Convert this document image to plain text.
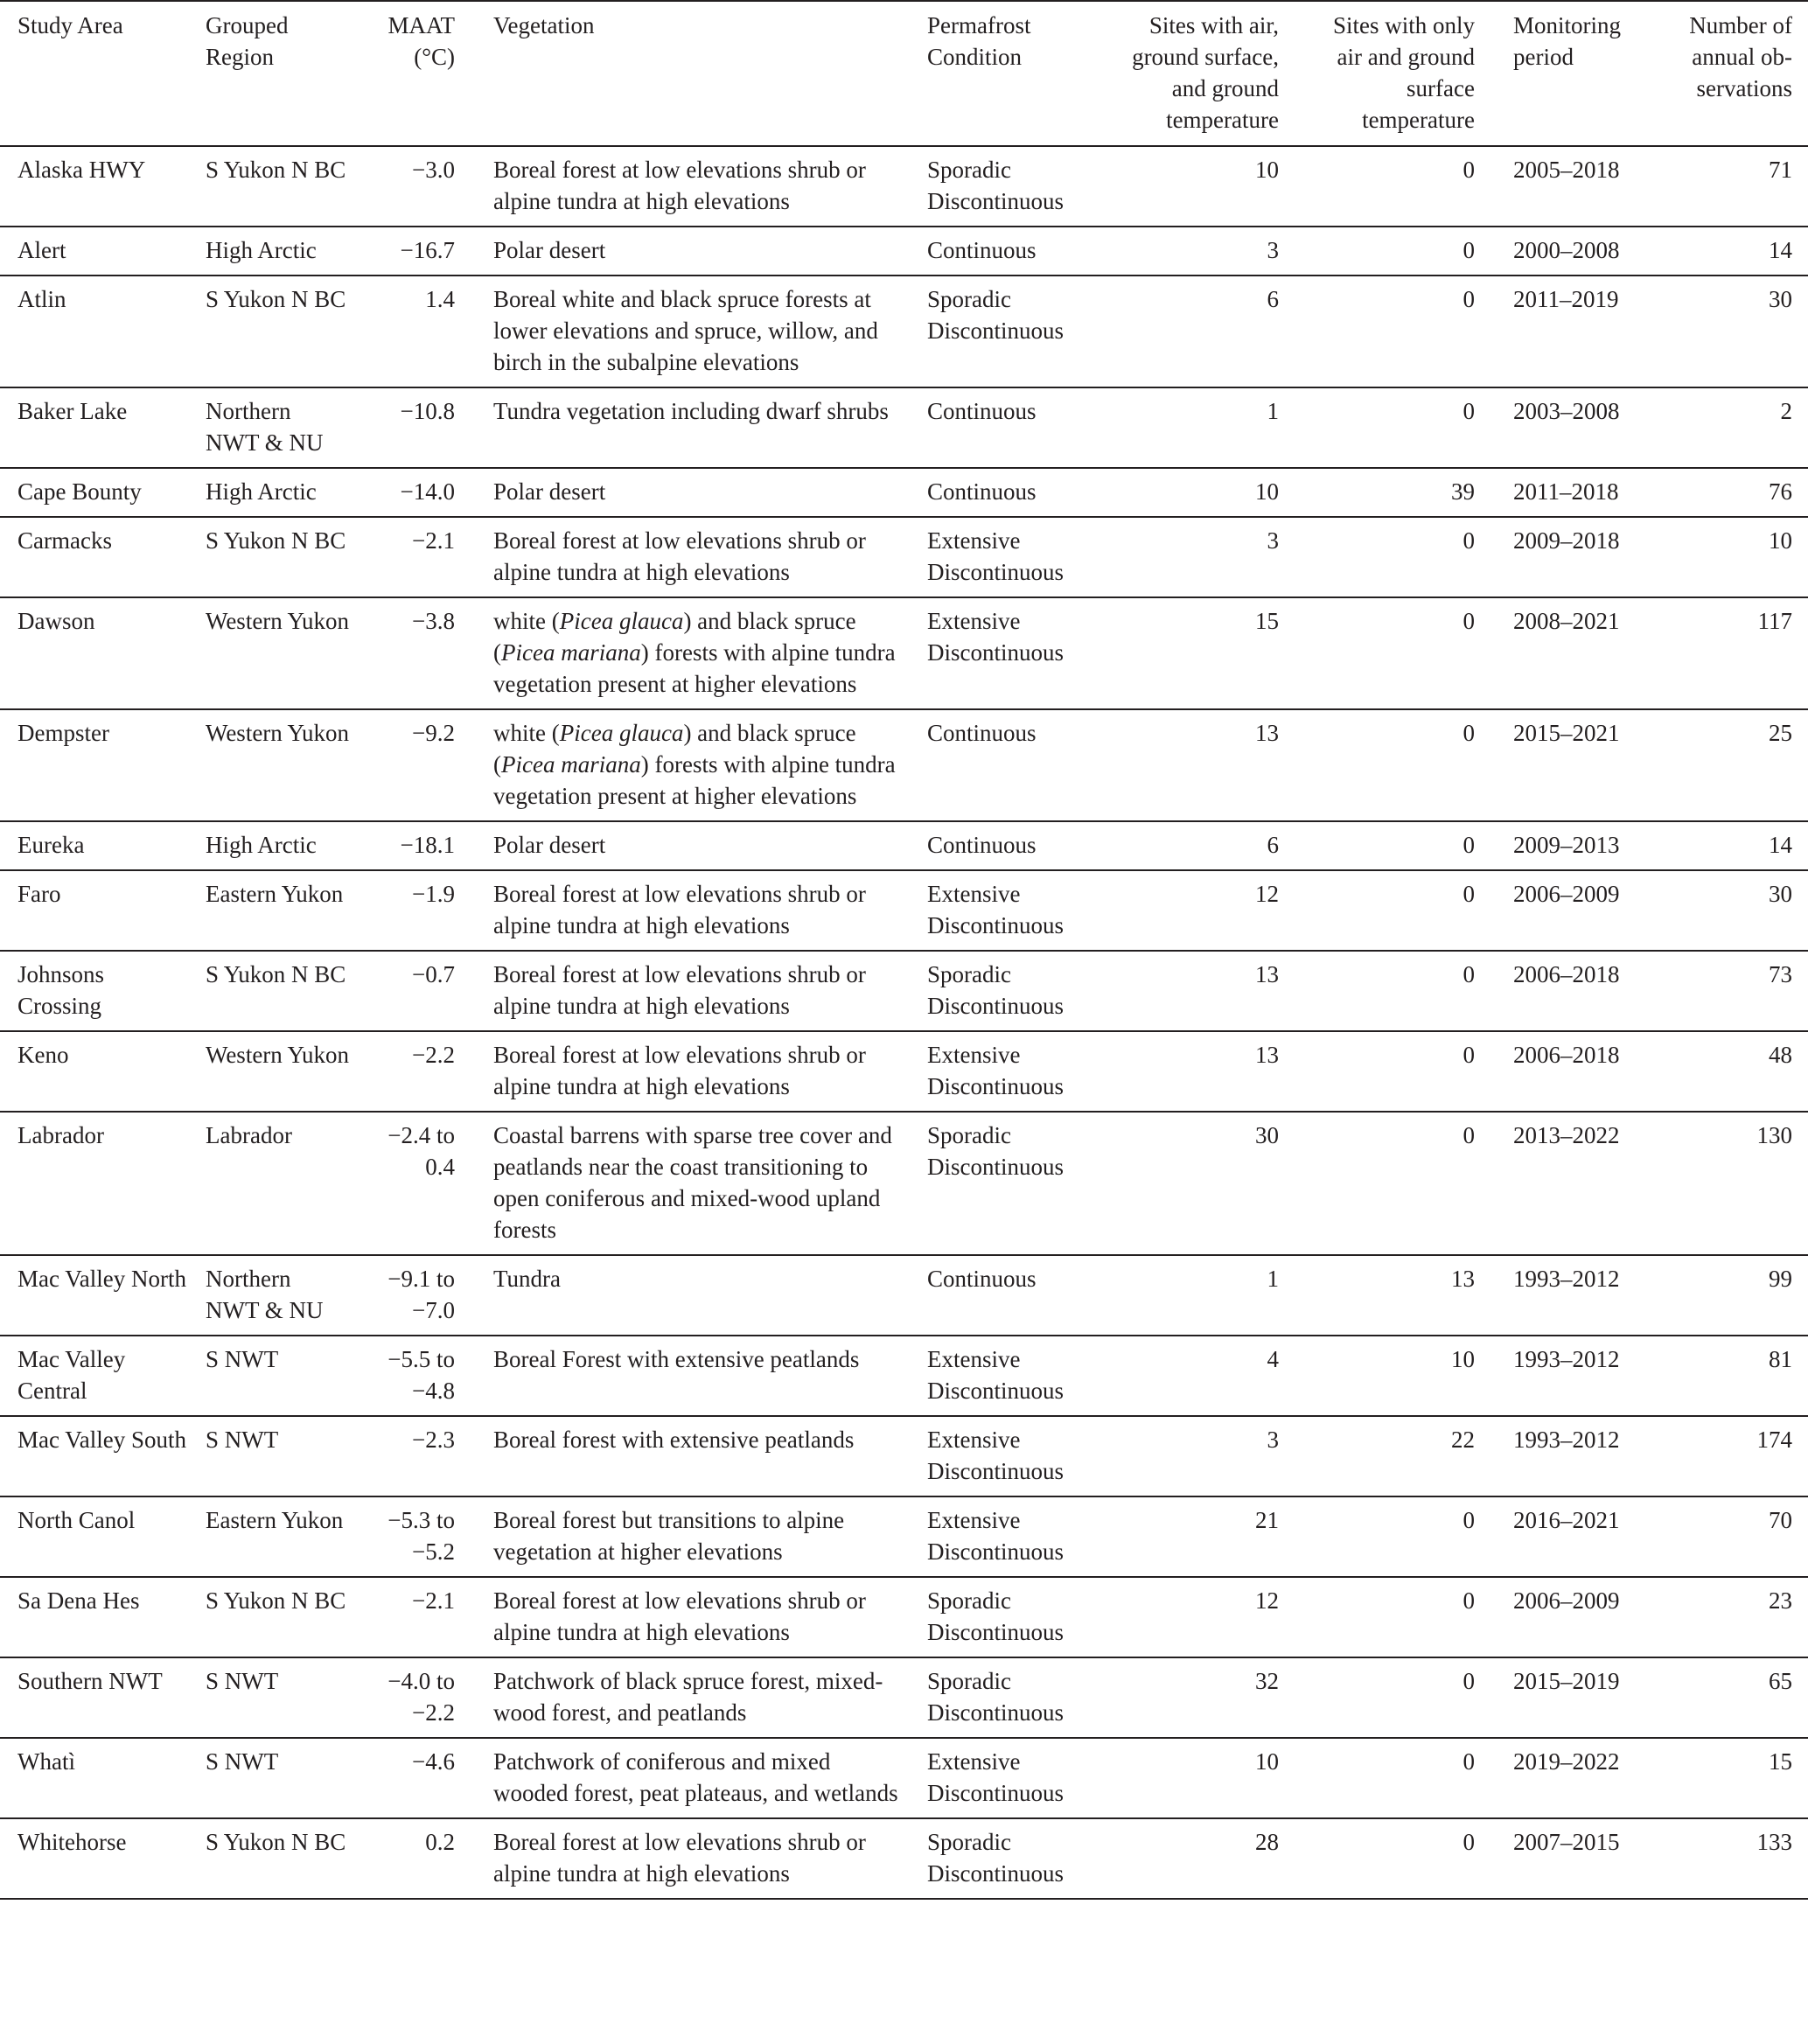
Study Area	Grouped Region	MAAT (°C)	Vegetation	Permafrost Condition	Sites with air, ground surface, and ground temperature	Sites with only air and ground surface temperature	Monitoring period	Number of annual ob-servations
Alaska HWY	S Yukon N BC	−3.0	Boreal forest at low elevations shrub or alpine tundra at high elevations	Sporadic Discontinuous	10	0	2005–2018	71
Alert	High Arctic	−16.7	Polar desert	Continuous	3	0	2000–2008	14
Atlin	S Yukon N BC	1.4	Boreal white and black spruce forests at lower elevations and spruce, willow, and birch in the subalpine elevations	Sporadic Discontinuous	6	0	2011–2019	30
Baker Lake	Northern NWT & NU	−10.8	Tundra vegetation including dwarf shrubs	Continuous	1	0	2003–2008	2
Cape Bounty	High Arctic	−14.0	Polar desert	Continuous	10	39	2011–2018	76
Carmacks	S Yukon N BC	−2.1	Boreal forest at low elevations shrub or alpine tundra at high elevations	Extensive Discontinuous	3	0	2009–2018	10
Dawson	Western Yukon	−3.8	white (Picea glauca) and black spruce (Picea mariana) forests with alpine tundra vegetation present at higher elevations	Extensive Discontinuous	15	0	2008–2021	117
Dempster	Western Yukon	−9.2	white (Picea glauca) and black spruce (Picea mariana) forests with alpine tundra vegetation present at higher elevations	Continuous	13	0	2015–2021	25
Eureka	High Arctic	−18.1	Polar desert	Continuous	6	0	2009–2013	14
Faro	Eastern Yukon	−1.9	Boreal forest at low elevations shrub or alpine tundra at high elevations	Extensive Discontinuous	12	0	2006–2009	30
Johnsons Crossing	S Yukon N BC	−0.7	Boreal forest at low elevations shrub or alpine tundra at high elevations	Sporadic Discontinuous	13	0	2006–2018	73
Keno	Western Yukon	−2.2	Boreal forest at low elevations shrub or alpine tundra at high elevations	Extensive Discontinuous	13	0	2006–2018	48
Labrador	Labrador	−2.4 to 0.4	Coastal barrens with sparse tree cover and peatlands near the coast transitioning to open coniferous and mixed-wood upland forests	Sporadic Discontinuous	30	0	2013–2022	130
Mac Valley North	Northern NWT & NU	−9.1 to −7.0	Tundra	Continuous	1	13	1993–2012	99
Mac Valley Central	S NWT	−5.5 to −4.8	Boreal Forest with extensive peatlands	Extensive Discontinuous	4	10	1993–2012	81
Mac Valley South	S NWT	−2.3	Boreal forest with extensive peatlands	Extensive Discontinuous	3	22	1993–2012	174
North Canol	Eastern Yukon	−5.3 to −5.2	Boreal forest but transitions to alpine vegetation at higher elevations	Extensive Discontinuous	21	0	2016–2021	70
Sa Dena Hes	S Yukon N BC	−2.1	Boreal forest at low elevations shrub or alpine tundra at high elevations	Sporadic Discontinuous	12	0	2006–2009	23
Southern NWT	S NWT	−4.0 to −2.2	Patchwork of black spruce forest, mixed-wood forest, and peatlands	Sporadic Discontinuous	32	0	2015–2019	65
Whatì	S NWT	−4.6	Patchwork of coniferous and mixed wooded forest, peat plateaus, and wetlands	Extensive Discontinuous	10	0	2019–2022	15
Whitehorse	S Yukon N BC	0.2	Boreal forest at low elevations shrub or alpine tundra at high elevations	Sporadic Discontinuous	28	0	2007–2015	133
